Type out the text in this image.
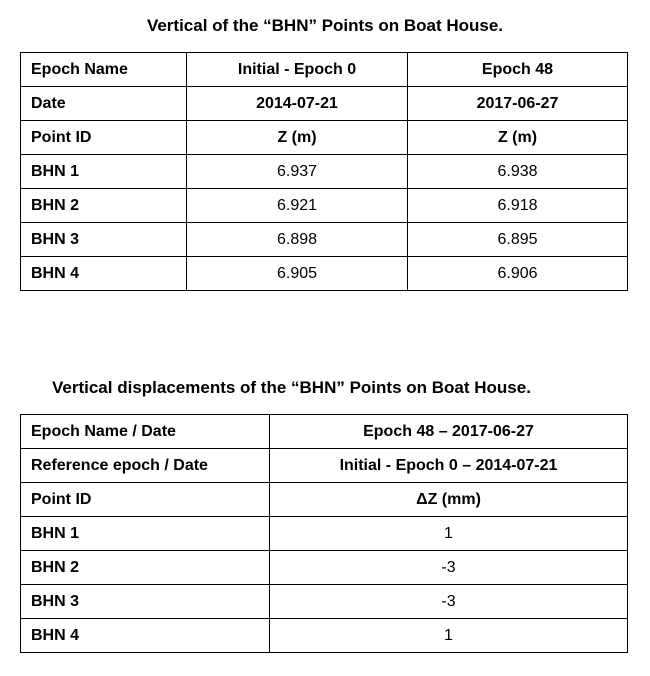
Vertical of the “BHN” Points on Boat House.
Epoch Name	Initial - Epoch 0	Epoch 48
Date	2014-07-21	2017-06-27
Point ID	Z (m)	Z (m)
BHN 1	6.937	6.938
BHN 2	6.921	6.918
BHN 3	6.898	6.895
BHN 4	6.905	6.906
Vertical displacements of the “BHN” Points on Boat House.
Epoch Name / Date	Epoch 48 – 2017-06-27
Reference epoch / Date	Initial - Epoch 0 – 2014-07-21
Point ID	ΔZ (mm)
BHN 1	1
BHN 2	-3
BHN 3	-3
BHN 4	1
